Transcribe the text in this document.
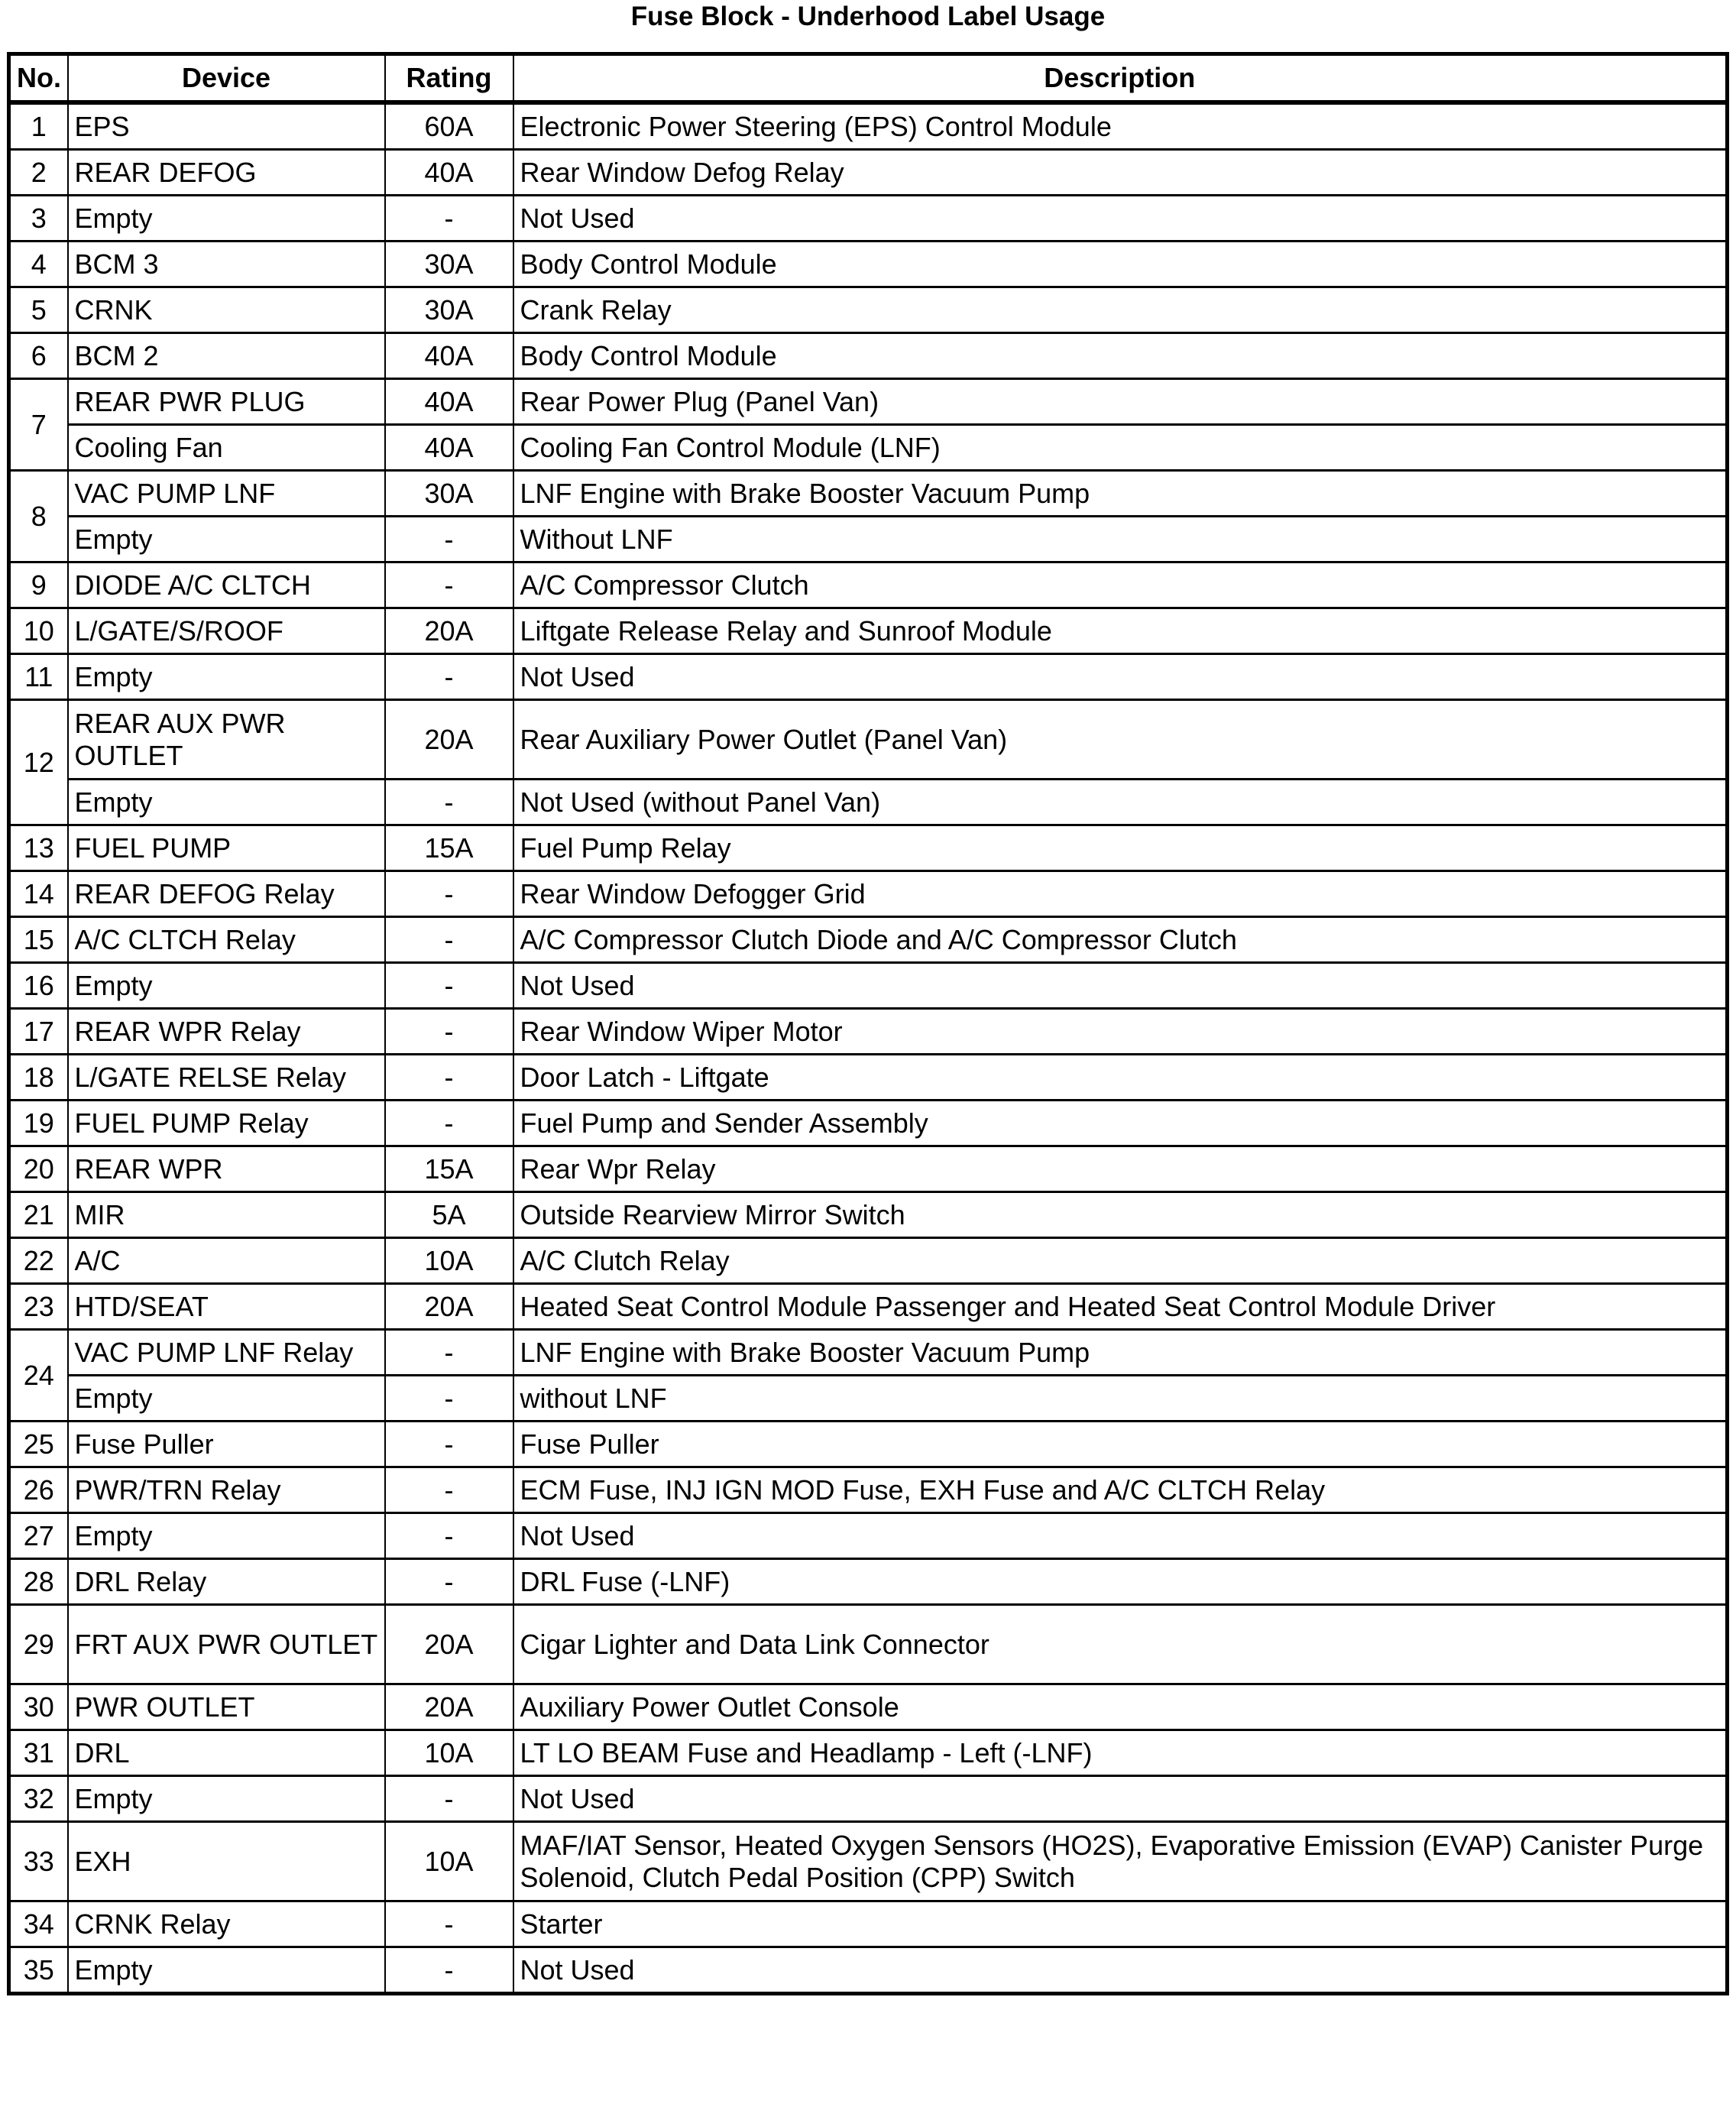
Fuse Block - Underhood Label Usage
No.	Device	Rating	Description
1	EPS	60A	Electronic Power Steering (EPS) Control Module
2	REAR DEFOG	40A	Rear Window Defog Relay
3	Empty	-	Not Used
4	BCM 3	30A	Body Control Module
5	CRNK	30A	Crank Relay
6	BCM 2	40A	Body Control Module
7	REAR PWR PLUG	40A	Rear Power Plug (Panel Van)
	Cooling Fan	40A	Cooling Fan Control Module (LNF)
8	VAC PUMP LNF	30A	LNF Engine with Brake Booster Vacuum Pump
	Empty	-	Without LNF
9	DIODE A/C CLTCH	-	A/C Compressor Clutch
10	L/GATE/S/ROOF	20A	Liftgate Release Relay and Sunroof Module
11	Empty	-	Not Used
12	REAR AUX PWR OUTLET	20A	Rear Auxiliary Power Outlet (Panel Van)
	Empty	-	Not Used (without Panel Van)
13	FUEL PUMP	15A	Fuel Pump Relay
14	REAR DEFOG Relay	-	Rear Window Defogger Grid
15	A/C CLTCH Relay	-	A/C Compressor Clutch Diode and A/C Compressor Clutch
16	Empty	-	Not Used
17	REAR WPR Relay	-	Rear Window Wiper Motor
18	L/GATE RELSE Relay	-	Door Latch - Liftgate
19	FUEL PUMP Relay	-	Fuel Pump and Sender Assembly
20	REAR WPR	15A	Rear Wpr Relay
21	MIR	5A	Outside Rearview Mirror Switch
22	A/C	10A	A/C Clutch Relay
23	HTD/SEAT	20A	Heated Seat Control Module Passenger and Heated Seat Control Module Driver
24	VAC PUMP LNF Relay	-	LNF Engine with Brake Booster Vacuum Pump
	Empty	-	without LNF
25	Fuse Puller	-	Fuse Puller
26	PWR/TRN Relay	-	ECM Fuse, INJ IGN MOD Fuse, EXH Fuse and A/C CLTCH Relay
27	Empty	-	Not Used
28	DRL Relay	-	DRL Fuse (-LNF)
29	FRT AUX PWR OUTLET	20A	Cigar Lighter and Data Link Connector
30	PWR OUTLET	20A	Auxiliary Power Outlet Console
31	DRL	10A	LT LO BEAM Fuse and Headlamp - Left (-LNF)
32	Empty	-	Not Used
33	EXH	10A	MAF/IAT Sensor, Heated Oxygen Sensors (HO2S), Evaporative Emission (EVAP) Canister Purge Solenoid, Clutch Pedal Position (CPP) Switch
34	CRNK Relay	-	Starter
35	Empty	-	Not Used
